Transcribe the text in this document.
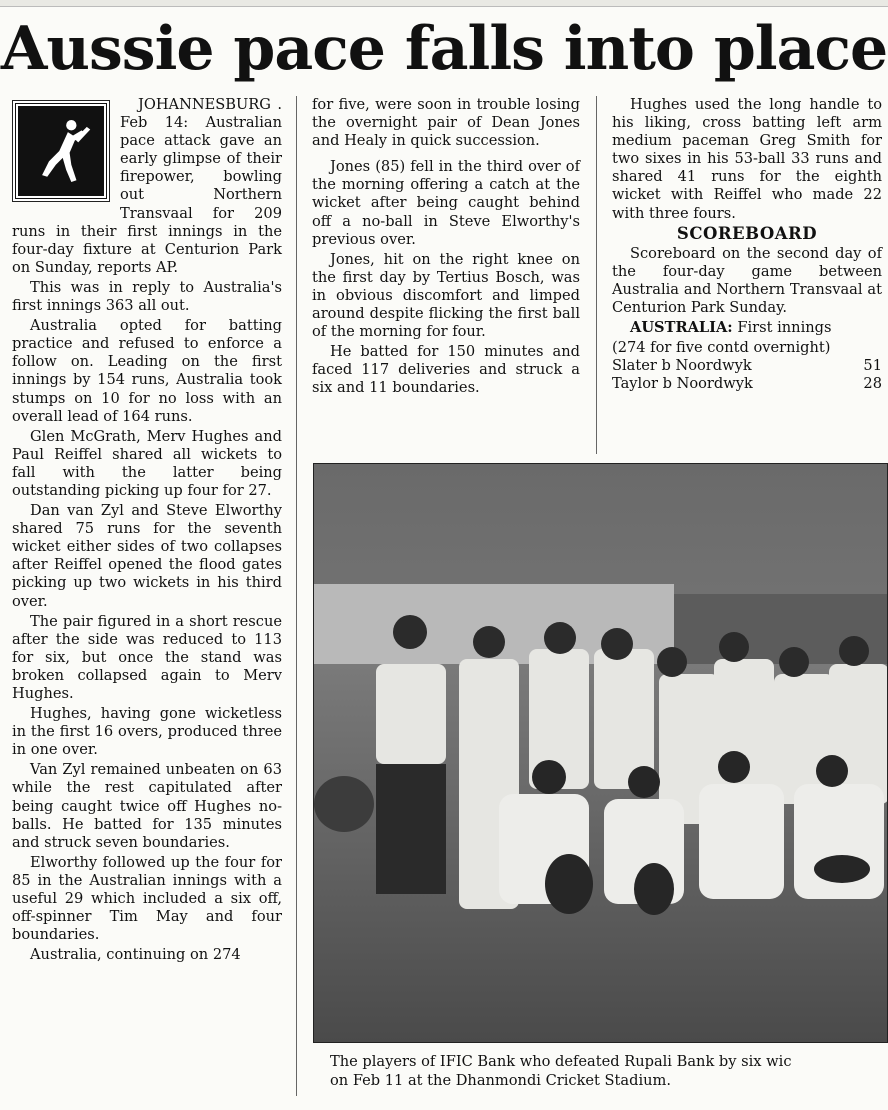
Aussie pace falls into place

JOHANNESBURG . Feb 14: Australian pace attack gave an early glimpse of their firepower, bowling out Northern Transvaal for 209 runs in their first innings in the four-day fixture at Centurion Park on Sunday, reports AP.

This was in reply to Australia's first innings 363 all out.

Australia opted for batting practice and refused to enforce a follow on. Leading on the first innings by 154 runs, Australia took stumps on 10 for no loss with an overall lead of 164 runs.

Glen McGrath, Merv Hughes and Paul Reiffel shared all wickets to fall with the latter being outstanding picking up four for 27.

Dan van Zyl and Steve Elworthy shared 75 runs for the seventh wicket either sides of two collapses after Reiffel opened the flood gates picking up two wickets in his third over.

The pair figured in a short rescue after the side was reduced to 113 for six, but once the stand was broken collapsed again to Merv Hughes.

Hughes, having gone wicketless in the first 16 overs, produced three in one over.

Van Zyl remained unbeaten on 63 while the rest capitulated after being caught twice off Hughes no-balls. He batted for 135 minutes and struck seven boundaries.

Elworthy followed up the four for 85 in the Australian innings with a useful 29 which included a six off, off-spinner Tim May and four boundaries.

Australia, continuing on 274

for five, were soon in trouble losing the overnight pair of Dean Jones and Healy in quick succession.

Jones (85) fell in the third over of the morning offering a catch at the wicket after being caught behind off a no-ball in Steve Elworthy's previous over.

Jones, hit on the right knee on the first day by Tertius Bosch, was in obvious discomfort and limped around despite flicking the first ball of the morning for four.

He batted for 150 minutes and faced 117 deliveries and struck a six and 11 boundaries.

Hughes used the long handle to his liking, cross batting left arm medium paceman Greg Smith for two sixes in his 53-ball 33 runs and shared 41 runs for the eighth wicket with Reiffel who made 22 with three fours.

SCOREBOARD

Scoreboard on the second day of the four-day game between Australia and Northern Transvaal at Centurion Park Sunday.

AUSTRALIA: First innings

(274 for five contd overnight)

Slater b Noordwyk	51
Taylor b Noordwyk	28
The players of IFIC Bank who defeated Rupali Bank by six wic
on Feb 11 at the Dhanmondi Cricket Stadium.
